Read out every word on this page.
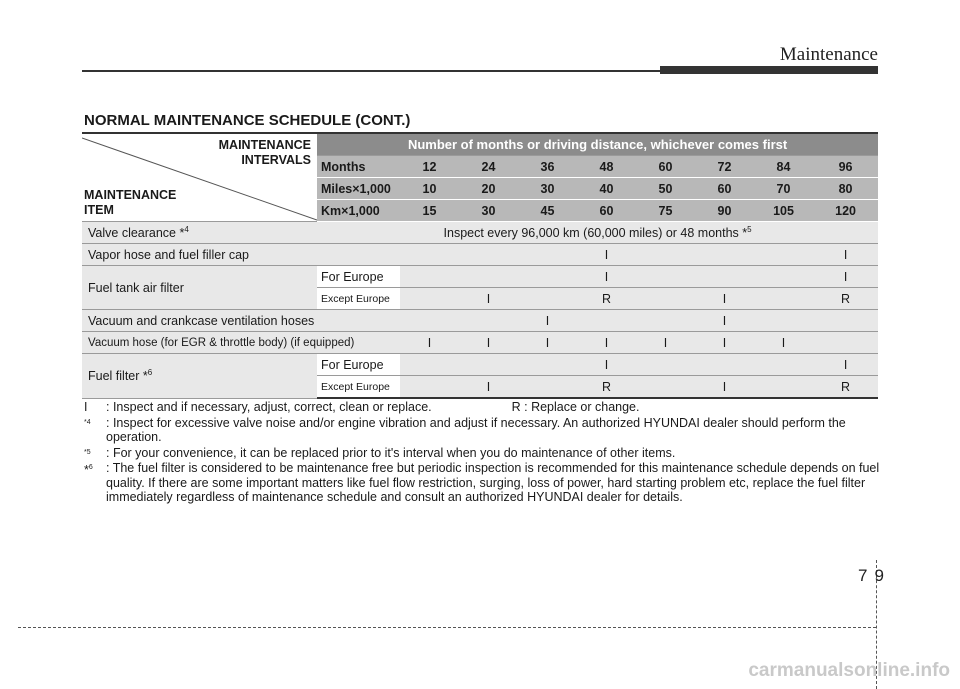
Maintenance
NORMAL MAINTENANCE SCHEDULE (CONT.)
MAINTENANCE
INTERVALS
MAINTENANCE
ITEM	Number of months or driving distance, whichever comes first								
	Months	12	24	36	48	60	72	84	96
	Miles×1,000	10	20	30	40	50	60	70	80
	Km×1,000	15	30	45	60	75	90	105	120
Valve clearance *$^4$	Inspect every 96,000 km (60,000 miles) or 48 months *$^5$
Vapor hose and fuel filler cap					I				I
Fuel tank air filter	For Europe				I				I
	Except Europe		I		R		I		R
Vacuum and crankcase ventilation hoses				I			I		
Vacuum hose (for EGR & throttle body) (if equipped)		I	I	I	I	I	I	I	
Fuel filter *$^6$	For Europe				I				I
	Except Europe		I		R		I		R
I : Inspect and if necessary, adjust, correct, clean or replace.	R : Replace or change.
$^{*4}$ : Inspect for excessive valve noise and/or engine vibration and adjust if necessary. An authorized HYUNDAI dealer should perform the operation.
$^{*5}$ : For your convenience, it can be replaced prior to it's interval when you do maintenance of other items.
*$^6$ : The fuel filter is considered to be maintenance free but periodic inspection is recommended for this maintenance schedule depends on fuel quality. If there are some important matters like fuel flow restriction, surging, loss of power, hard starting problem etc, replace the fuel filter immediately regardless of maintenance schedule and consult an authorized HYUNDAI dealer for details.
79
carmanualsonline.info
